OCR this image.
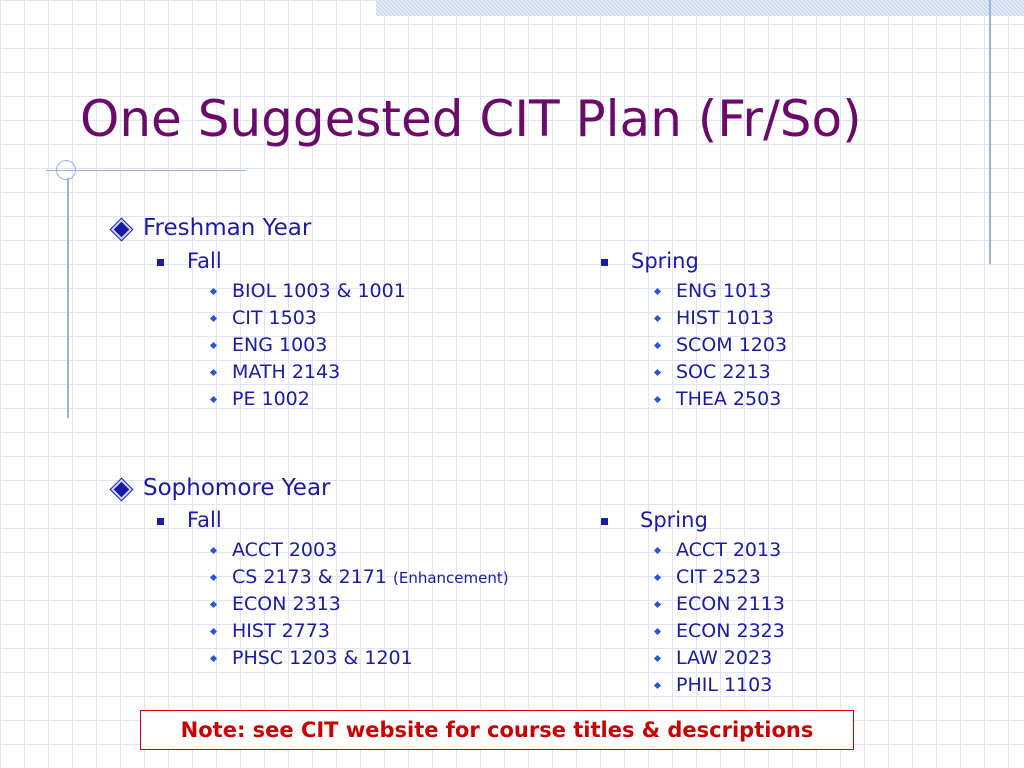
One Suggested CIT Plan (Fr/So)
Freshman Year
Fall
BIOL 1003 & 1001
CIT 1503
ENG 1003
MATH 2143
PE 1002
Spring
ENG 1013
HIST 1013
SCOM 1203
SOC 2213
THEA 2503
Sophomore Year
Fall
ACCT 2003
CS 2173 & 2171 (Enhancement)
ECON 2313
HIST 2773
PHSC 1203 & 1201
Spring
ACCT 2013
CIT 2523
ECON 2113
ECON 2323
LAW 2023
PHIL 1103
Note: see CIT website for course titles & descriptions
